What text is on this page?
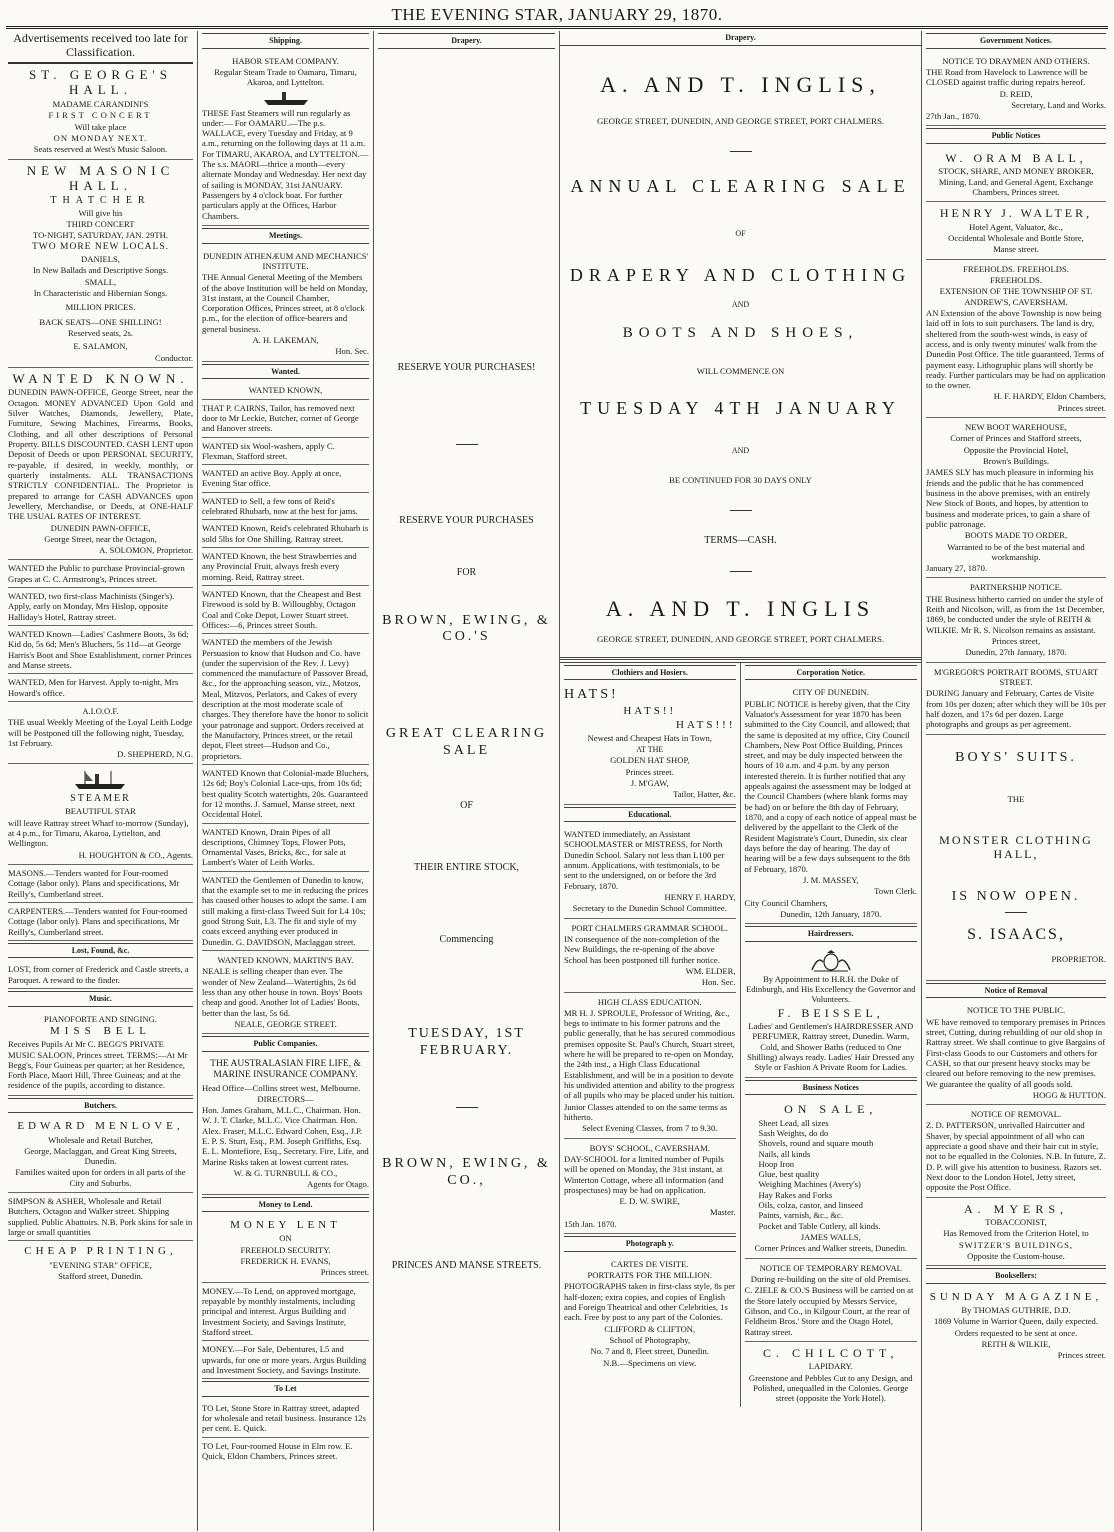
THE EVENING STAR, JANUARY 29, 1870.
Advertisements received too late for Classification.
ST. GEORGE'S HALL.

MADAME CARANDINI'S

FIRST CONCERT

Will take place

ON MONDAY NEXT.

Seats reserved at West's Music Saloon.

NEW MASONIC HALL.

THATCHER

Will give his

THIRD CONCERT

TO-NIGHT, SATURDAY, JAN. 29TH.

TWO MORE NEW LOCALS.

DANIELS,

In New Ballads and Descriptive Songs.

SMALL,

In Characteristic and Hibernian Songs.

MILLION PRICES.

BACK SEATS—ONE SHILLING!

Reserved seats, 2s.

E. SALAMON,

Conductor.

WANTED KNOWN.

DUNEDIN PAWN-OFFICE, George Street, near the Octagon. MONEY ADVANCED Upon Gold and Silver Watches, Diamonds, Jewellery, Plate, Furniture, Sewing Machines, Firearms, Books, Clothing, and all other descriptions of Personal Property. BILLS DISCOUNTED. CASH LENT upon Deposit of Deeds or upon PERSONAL SECURITY, re-payable, if desired, in weekly, monthly, or quarterly instalments. ALL TRANSACTIONS STRICTLY CONFIDENTIAL. The Proprietor is prepared to arrange for CASH ADVANCES upon Jewellery, Merchandise, or Deeds, at ONE-HALF THE USUAL RATES OF INTEREST.

DUNEDIN PAWN-OFFICE,

George Street, near the Octagon,

A. SOLOMON, Proprietor.

WANTED the Public to purchase Provincial-grown Grapes at C. C. Armstrong's, Princes street.
WANTED, two first-class Machinists (Singer's). Apply, early on Monday, Mrs Hislop, opposite Halliday's Hotel, Rattray street.
WANTED Known—Ladies' Cashmere Boots, 3s 6d; Kid do, 5s 6d; Men's Bluchers, 5s 11d—at George Harris's Boot and Shoe Establishment, corner Princes and Manse streets.
WANTED, Men for Harvest. Apply to-night, Mrs Howard's office.

A.I.O.O.F.

THE usual Weekly Meeting of the Loyal Leith Lodge will be Postponed till the following night, Tuesday, 1st February.

D. SHEPHERD, N.G.

STEAMER

BEAUTIFUL STAR

will leave Rattray street Wharf to-morrow (Sunday), at 4 p.m., for Timaru, Akaroa, Lyttelton, and Wellington.

H. HOUGHTON & CO., Agents.

MASONS.—Tenders wanted for Four-roomed Cottage (labor only). Plans and specifications, Mr Reilly's, Cumberland street.
CARPENTERS.—Tenders wanted for Four-roomed Cottage (labor only). Plans and specifications, Mr Reilly's, Cumberland street.
Lost, Found, &c.
LOST, from corner of Frederick and Castle streets, a Paroquet. A reward to the finder.
Music.

PIANOFORTE AND SINGING.

MISS BELL

Receives Pupils At Mr C. BEGG'S PRIVATE MUSIC SALOON, Princes street. TERMS:—At Mr Begg's, Four Guineas per quarter; at her Residence, Forth Place, Maori Hill, Three Guineas; and at the residence of the pupils, according to distance.

Butchers.

EDWARD MENLOVE,

Wholesale and Retail Butcher,

George, Maclaggan, and Great King Streets, Dunedin.

Families waited upon for orders in all parts of the City and Suburbs.

SIMPSON & ASHER, Wholesale and Retail Butchers, Octagon and Walker street. Shipping supplied. Public Abattoirs. N.B. Pork skins for sale in large or small quantities

CHEAP PRINTING,

"EVENING STAR" OFFICE,

Stafford street, Dunedin.

Shipping.

HABOR STEAM COMPANY.

Regular Steam Trade to Oamaru, Timaru, Akaroa, and Lyttelton.

THESE Fast Steamers will run regularly as under:— For OAMARU.—The p.s. WALLACE, every Tuesday and Friday, at 9 a.m., returning on the following days at 11 a.m. For TIMARU, AKAROA, and LYTTELTON.—The s.s. MAORI—thrice a month—every alternate Monday and Wednesday. Her next day of sailing is MONDAY, 31st JANUARY. Passengers by 4 o'clock boat. For further particulars apply at the Offices, Harbor Chambers.

Meetings.

DUNEDIN ATHENÆUM AND MECHANICS' INSTITUTE.

THE Annual General Meeting of the Members of the above Institution will be held on Monday, 31st instant, at the Council Chamber, Corporation Offices, Princes street, at 8 o'clock p.m., for the election of office-bearers and general business.

A. H. LAKEMAN,

Hon. Sec.

Wanted.
WANTED KNOWN,
THAT P. CAIRNS, Tailor, has removed next door to Mr Leckie, Butcher, corner of George and Hanover streets.
WANTED six Wool-washers, apply C. Flexman, Stafford street.
WANTED an active Boy. Apply at once, Evening Star office.
WANTED to Sell, a few tons of Reid's celebrated Rhubarb, now at the best for jams.
WANTED Known, Reid's celebrated Rhubarb is sold 5lbs for One Shilling. Rattray street.
WANTED Known, the best Strawberries and any Provincial Fruit, always fresh every morning. Reid, Rattray street.
WANTED Known, that the Cheapest and Best Firewood is sold by B. Willoughby, Octagon Coal and Coke Depot, Lower Stuart street. Offices:—6, Princes street South.
WANTED the members of the Jewish Persuasion to know that Hudson and Co. have (under the supervision of the Rev. J. Levy) commenced the manufacture of Passover Bread, &c., for the approaching season, viz., Motzos, Meal, Mitzvos, Perlators, and Cakes of every description at the most moderate scale of charges. They therefore have the honor to solicit your patronage and support. Orders received at the Manufactory, Princes street, or the retail depot, Fleet street—Hudson and Co., proprietors.
WANTED Known that Colonial-made Bluchers, 12s 6d; Boy's Colonial Lace-ups, from 10s 6d; best quality Scotch watertights, 20s. Guaranteed for 12 months. J. Samuel, Manse street, next Occidental Hotel.
WANTED Known, Drain Pipes of all descriptions, Chimney Tops, Flower Pots, Ornamental Vases, Bricks, &c., for sale at Lambert's Water of Leith Works.
WANTED the Gentlemen of Dunedin to know, that the example set to me in reducing the prices has caused other houses to adopt the same. I am still making a first-class Tweed Suit for L4 10s; good Strong Suit, L3. The fit and style of my coats exceed anything ever produced in Dunedin. G. DAVIDSON, Maclaggan street.

WANTED KNOWN, MARTIN'S BAY.

NEALE is selling cheaper than ever. The wonder of New Zealand—Watertights, 2s 6d less than any other house in town. Boys' Boots cheap and good. Another lot of Ladies' Boots, better than the last, 5s 6d.

NEALE, GEORGE STREET.

Public Companies.

THE AUSTRALASIAN FIRE LIFE, & MARINE INSURANCE COMPANY.

Head Office—Collins street west, Melbourne.

DIRECTORS—

Hon. James Graham, M.L.C., Chairman. Hon. W. J. T. Clarke, M.L.C. Vice Chairman. Hon. Alex. Fraser, M.L.C. Edward Cohen, Esq., J.P. E. P. S. Sturt, Esq., P.M. Joseph Griffiths, Esq. E. L. Montefiore, Esq., Secretary. Fire, Life, and Marine Risks taken at lowest current rates.

W. & G. TURNBULL & CO.,

Agents for Otago.

Money to Lend.

MONEY LENT

ON

FREEHOLD SECURITY.

FREDERICK H. EVANS,

Princes street.

MONEY.—To Lend, on approved mortgage, repayable by monthly instalments, including principal and interest. Argus Building and Investment Society, and Savings Institute, Stafford street.
MONEY.—For Sale, Debentures, L5 and upwards, for one or more years. Argus Building and Investment Society, and Savings Institute.
To Let
TO Let, Stone Store in Rattray street, adapted for wholesale and retail business. Insurance 12s per cent. E. Quick.
TO Let, Four-roomed House in Elm row. E. Quick, Eldon Chambers, Princes street.
Drapery.

RESERVE YOUR PURCHASES!

RESERVE YOUR PURCHASES

FOR

BROWN, EWING, & CO.'S

GREAT CLEARING SALE

OF

THEIR ENTIRE STOCK,

Commencing

TUESDAY, 1ST FEBRUARY.

BROWN, EWING, & CO.,

PRINCES AND MANSE STREETS.

Drapery.
A. AND T. INGLIS,

GEORGE STREET, DUNEDIN, AND GEORGE STREET, PORT CHALMERS.

ANNUAL CLEARING SALE

OF

DRAPERY AND CLOTHING

AND

BOOTS AND SHOES,

WILL COMMENCE ON

TUESDAY 4TH JANUARY

AND

BE CONTINUED FOR 30 DAYS ONLY

TERMS—CASH.

A. AND T. INGLIS

GEORGE STREET, DUNEDIN, AND GEORGE STREET, PORT CHALMERS.

Clothiers and Hosiers.

HATS!

HATS!!

HATS!!!

Newest and Cheapest Hats in Town,

AT THE

GOLDEN HAT SHOP,

Princes street.

J. M'GAW,

Tailor, Hatter, &c.

Educational.

WANTED immediately, an Assistant SCHOOLMASTER or MISTRESS, for North Dunedin School. Salary not less than L100 per annum. Applications, with testimonials, to be sent to the undersigned, on or before the 3rd February, 1870.

HENRY F. HARDY,

Secretary to the Dunedin School Committee.

PORT CHALMERS GRAMMAR SCHOOL.

IN consequence of the non-completion of the New Buildings, the re-opening of the above School has been postponed till further notice.

WM. ELDER,

Hon. Sec.

HIGH CLASS EDUCATION.

MR H. J. SPROULE, Professor of Writing, &c., begs to intimate to his former patrons and the public generally, that he has secured commodious premises opposite St. Paul's Church, Stuart street, where he will be prepared to re-open on Monday, the 24th inst., a High Class Educational Establishment, and will be in a position to devote his undivided attention and ability to the progress of all pupils who may be placed under his tuition.

Junior Classes attended to on the same terms as hitherto.

Select Evening Classes, from 7 to 9.30.

BOYS' SCHOOL, CAVERSHAM.

DAY-SCHOOL for a limited number of Pupils will be opened on Monday, the 31st instant, at Winterton Cottage, where all information (and prospectuses) may be had on application.

E. D. W. SWIRE,

Master.

15th Jan. 1870.

Photograph y.

CARTES DE VISITE.

PORTRAITS FOR THE MILLION.

PHOTOGRAPHS taken in first-class style, 8s per half-dozen; extra copies, and copies of English and Foreign Theatrical and other Celebrities, 1s each. Free by post to any part of the Colonies.

CLIFFORD & CLIFTON,

School of Photography,

No. 7 and 8, Fleet street, Dunedin.

N.B.—Specimens on view.

Corporation Notice.

CITY OF DUNEDIN.

PUBLIC NOTICE is hereby given, that the City Valuator's Assessment for year 1870 has been submitted to the City Council, and allowed; that the same is deposited at my office, City Council Chambers, New Post Office Building, Princes street, and may be duly inspected between the hours of 10 a.m. and 4 p.m. by any person interested therein. It is further notified that any appeals against the assessment may be lodged at the Council Chambers (where blank forms may be had) on or before the 8th day of February, 1870, and a copy of each notice of appeal must be delivered by the appellant to the Clerk of the Resident Magistrate's Court, Dunedin, six clear days before the day of hearing. The day of hearing will be a few days subsequent to the 8th of February, 1870.

J. M. MASSEY,

Town Clerk.

City Council Chambers,

Dunedin, 12th January, 1870.

Hairdressers.

By Appointment to H.R.H. the Duke of Edinburgh, and His Excellency the Governor and Volunteers.

F. BEISSEL,

Ladies' and Gentlemen's HAIRDRESSER AND PERFUMER, Rattray street, Dunedin. Warm, Cold, and Shower Baths (reduced to One Shilling) always ready. Ladies' Hair Dressed any Style or Fashion A Private Room for Ladies.

Business Notices

ON SALE,

Sheet Lead, all sizes
Sash Weights, do do
Shovels, round and square mouth
Nails, all kinds
Hoop Iron
Glue, best quality
Weighing Machines (Avery's)
Hay Rakes and Forks
Oils, colza, castor, and linseed
Paints, varnish, &c., &c.
Pocket and Table Cutlery, all kinds.

JAMES WALLS,

Corner Princes and Walker streets, Dunedin.

NOTICE OF TEMPORARY REMOVAL

During re-building on the site of old Premises.

C. ZIELE & CO.'S Business will be carried on at the Store lately occupied by Messrs Service, Gibson, and Co., in Kilgour Court, at the rear of Feldheim Bros.' Store and the Otago Hotel, Rattray street.

C. CHILCOTT,

LAPIDARY.

Greenstone and Pebbles Cut to any Design, and Polished, unequalled in the Colonies. George street (opposite the York Hotel).

Government Notices.

NOTICE TO DRAYMEN AND OTHERS.

THE Road from Havelock to Lawrence will be CLOSED against traffic during repairs hereof.

D. REID,

Secretary, Land and Works.

27th Jan., 1870.

Public Notices

W. ORAM BALL,

STOCK, SHARE, AND MONEY BROKER, Mining, Land, and General Agent, Exchange Chambers, Princes street.

HENRY J. WALTER,

Hotel Agent, Valuator, &c.,

Occidental Wholesale and Bottle Store,

Manse street.

FREEHOLDS. FREEHOLDS.

FREEHOLDS.

EXTENSION OF THE TOWNSHIP OF ST. ANDREW'S, CAVERSHAM.

AN Extension of the above Township is now being laid off in lots to suit purchasers. The land is dry, sheltered from the south-west winds, is easy of access, and is only twenty minutes' walk from the Dunedin Post Office. The title guaranteed. Terms of payment easy. Lithographic plans will shortly be ready. Further particulars may be had on application to the owner.

H. F. HARDY, Eldon Chambers,

Princes street.

NEW BOOT WAREHOUSE,

Corner of Princes and Stafford streets,

Opposite the Provincial Hotel,

Brown's Buildings.

JAMES SLY has much pleasure in informing his friends and the public that he has commenced business in the above premises, with an entirely New Stock of Boots, and hopes, by attention to business and moderate prices, to gain a share of public patronage.

BOOTS MADE TO ORDER,

Warranted to be of the best material and workmanship.

January 27, 1870.

PARTNERSHIP NOTICE.

THE Business hitherto carried on under the style of Reith and Nicolson, will, as from the 1st December, 1869, be conducted under the style of REITH & WILKIE. Mr R. S. Nicolson remains as assistant.

Princes street,

Dunedin, 27th January, 1870.

M'GREGOR'S PORTRAIT ROOMS, STUART STREET.

DURING January and February, Cartes de Visite from 10s per dozen; after which they will be 10s per half dozen, and 17s 6d per dozen. Large photographs and groups as per agreement.

BOYS' SUITS.

THE

MONSTER CLOTHING HALL,

IS NOW OPEN.

S. ISAACS,

PROPRIETOR.

Notice of Removal

NOTICE TO THE PUBLIC.

WE have removed to temporary premises in Princes street, Cutting, during rebuilding of our old shop in Rattray street. We shall continue to give Bargains of First-class Goods to our Customers and others for CASH, so that our present heavy stocks may be cleared out before removing to the new premises. We guarantee the quality of all goods sold.

HOGG & HUTTON.

NOTICE OF REMOVAL.

Z. D. PATTERSON, unrivalled Haircutter and Shaver, by special appointment of all who can appreciate a good shave and their hair cut in style, not to be equalled in the Colonies. N.B. In future, Z. D. P. will give his attention to business. Razors set. Next door to the London Hotel, Jetty street, opposite the Post Office.

A. MYERS,

TOBACCONIST,

Has Removed from the Criterion Hotel, to

SWITZER'S BUILDINGS,

Opposite the Custom-house.

Booksellers:

SUNDAY MAGAZINE,

By THOMAS GUTHRIE, D.D.

1869 Volume in Warrior Queen, daily expected.

Orders requested to be sent at once.

REITH & WILKIE,

Princes street.
